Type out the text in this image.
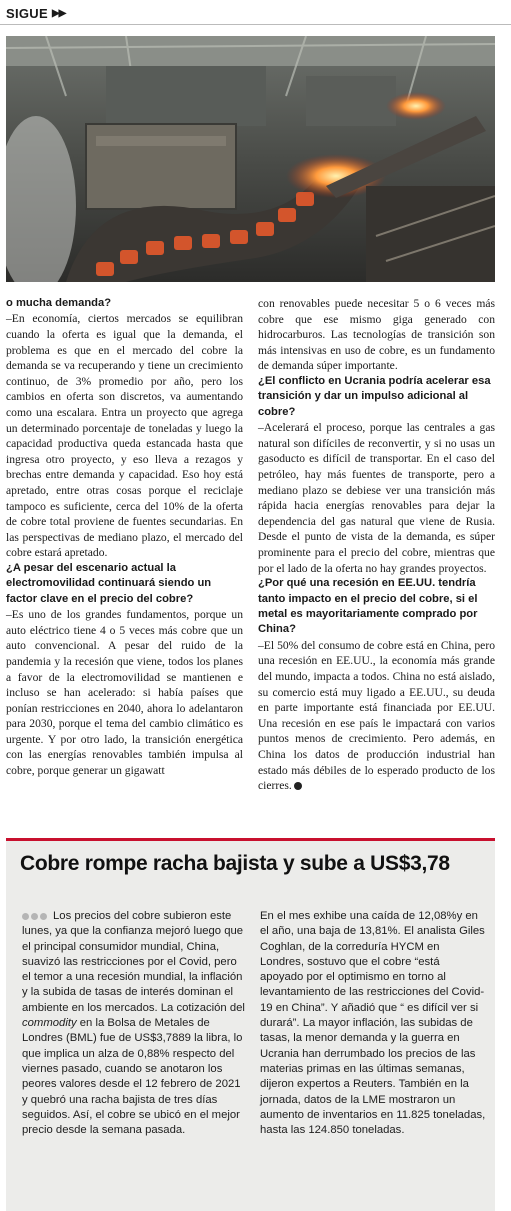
SIGUE ▶▶

o mucha demanda?

–En economía, ciertos mercados se equilibran cuando la oferta es igual que la demanda, el problema es que en el mercado del cobre la demanda se va recuperando y tiene un crecimiento continuo, de 3% promedio por año, pero los cambios en oferta son discretos, va aumentando como una escalara. Entra un proyecto que agrega un determinado porcentaje de toneladas y luego la capacidad productiva queda estancada hasta que ingresa otro proyecto, y eso lleva a rezagos y brechas entre demanda y capacidad. Eso hoy está apretado, entre otras cosas porque el reciclaje tampoco es suficiente, cerca del 10% de la oferta de cobre total proviene de fuentes secundarias. En las perspectivas de mediano plazo, el mercado del cobre estará apretado.

¿A pesar del escenario actual la electromovilidad continuará siendo un factor clave en el precio del cobre?

–Es uno de los grandes fundamentos, porque un auto eléctrico tiene 4 o 5 veces más cobre que un auto convencional. A pesar del ruido de la pandemia y la recesión que viene, todos los planes a favor de la electromovilidad se mantienen e incluso se han acelerado: si había países que ponían restricciones en 2040, ahora lo adelantaron para 2030, porque el tema del cambio climático es urgente. Y por otro lado, la transición energética con las energías renovables también impulsa al cobre, porque generar un gigawatt

con renovables puede necesitar 5 o 6 veces más cobre que ese mismo giga generado con hidrocarburos. Las tecnologías de transición son más intensivas en uso de cobre, es un fundamento de demanda súper importante.

¿El conflicto en Ucrania podría acelerar esa transición y dar un impulso adicional al cobre?

–Acelerará el proceso, porque las centrales a gas natural son difíciles de reconvertir, y si no usas un gasoducto es difícil de transportar. En el caso del petróleo, hay más fuentes de transporte, pero a mediano plazo se debiese ver una transición más rápida hacia energías renovables para dejar la dependencia del gas natural que viene de Rusia. Desde el punto de vista de la demanda, es súper prominente para el precio del cobre, mientras que por el lado de la oferta no hay grandes proyectos.

¿Por qué una recesión en EE.UU. tendría tanto impacto en el precio del cobre, si el metal es mayoritariamente comprado por China?

–El 50% del consumo de cobre está en China, pero una recesión en EE.UU., la economía más grande del mundo, impacta a todos. China no está aislado, su comercio está muy ligado a EE.UU., su deuda en parte importante está financiada por EE.UU. Una recesión en ese país le impactará con varios puntos menos de crecimiento. Pero además, en China los datos de producción industrial han estado más débiles de lo esperado producto de los cierres.

Cobre rompe racha bajista y sube a US$3,78
Los precios del cobre subieron este lunes, ya que la confianza mejoró luego que el principal consumidor mundial, China, suavizó las restricciones por el Covid, pero el temor a una recesión mundial, la inflación y la subida de tasas de interés dominan el ambiente en los mercados. La cotización del commodity en la Bolsa de Metales de Londres (BML) fue de US$3,7889 la libra, lo que implica un alza de 0,88% respecto del viernes pasado, cuando se anotaron los peores valores desde el 12 febrero de 2021 y quebró una racha bajista de tres días seguidos. Así, el cobre se ubicó en el mejor precio desde la semana pasada.
En el mes exhibe una caída de 12,08%y en el año, una baja de 13,81%. El analista Giles Coghlan, de la correduría HYCM en Londres, sostuvo que el cobre “está apoyado por el optimismo en torno al levantamiento de las restricciones del Covid-19 en China”. Y añadió que “ es difícil ver si durará”. La mayor inflación, las subidas de tasas, la menor demanda y la guerra en Ucrania han derrumbado los precios de las materias primas en las últimas semanas, dijeron expertos a Reuters. También en la jornada, datos de la LME mostraron un aumento de inventarios en 11.825 toneladas, hasta las 124.850 toneladas.
